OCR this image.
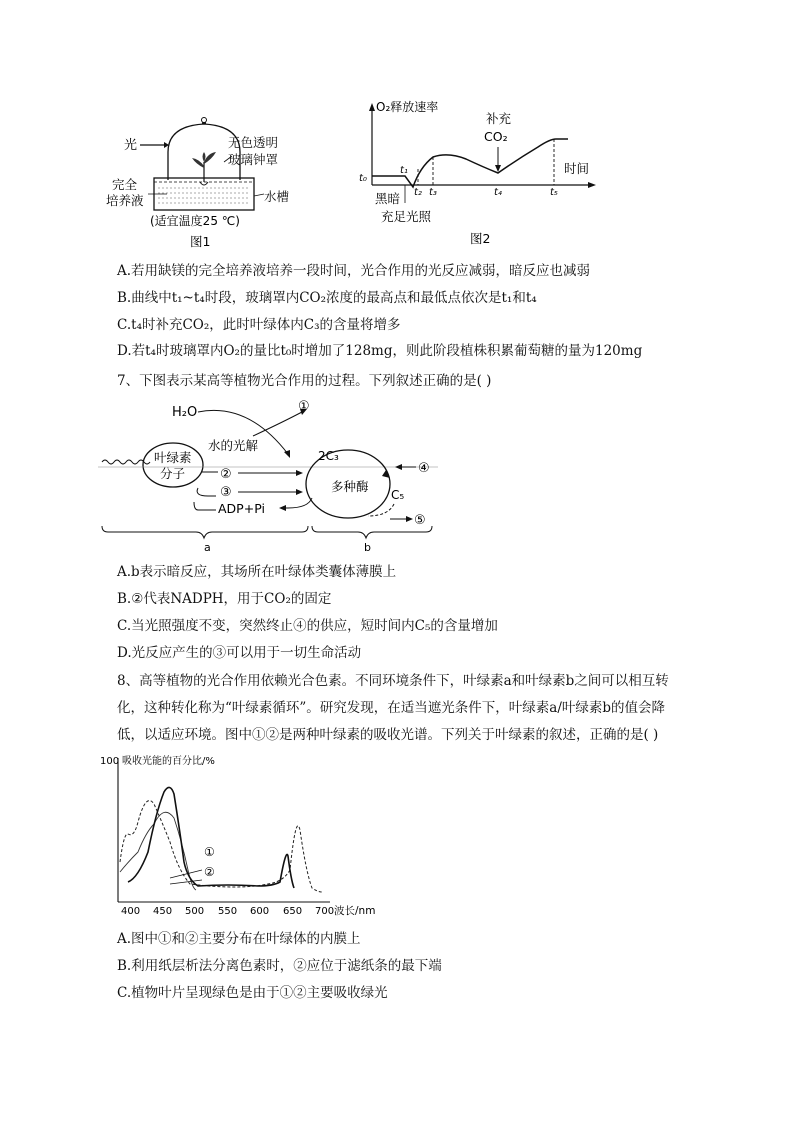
光
完全
培养液
(适宜温度25 ℃)
图1
无色透明
玻璃钟罩
水槽
O₂释放速率
补充
CO₂
时间
t₀
t₁
t₂ t₃	t₄	t₅
黑暗
充足光照
图2
A.若用缺镁的完全培养液培养一段时间，光合作用的光反应减弱，暗反应也减弱
B.曲线中t₁~t₄时段，玻璃罩内CO₂浓度的最高点和最低点依次是t₁和t₄
C.t₄时补充CO₂，此时叶绿体内C₃的含量将增多
D.若t₄时玻璃罩内O₂的量比t₀时增加了128mg，则此阶段植株积累葡萄糖的量为120mg
7、下图表示某高等植物光合作用的过程。下列叙述正确的是( )
叶绿素
分子
H₂O	①
水的光解
②
③
ADP+Pi
2C₃
多种酶
C₅
④
⑤
a	b
A.b表示暗反应，其场所在叶绿体类囊体薄膜上
B.②代表NADPH，用于CO₂的固定
C.当光照强度不变，突然终止④的供应，短时间内C₅的含量增加
D.光反应产生的③可以用于一切生命活动
8、高等植物的光合作用依赖光合色素。不同环境条件下，叶绿素a和叶绿素b之间可以相互转
化，这种转化称为“叶绿素循环”。研究发现，在适当遮光条件下，叶绿素a/叶绿素b的值会降
低，以适应环境。图中①②是两种叶绿素的吸收光谱。下列关于叶绿素的叙述，正确的是( )
100 吸收光能的百分比/%
波长/nm
400 450 500 550 600 650 700
①
②
A.图中①和②主要分布在叶绿体的内膜上
B.利用纸层析法分离色素时，②应位于滤纸条的最下端
C.植物叶片呈现绿色是由于①②主要吸收绿光
